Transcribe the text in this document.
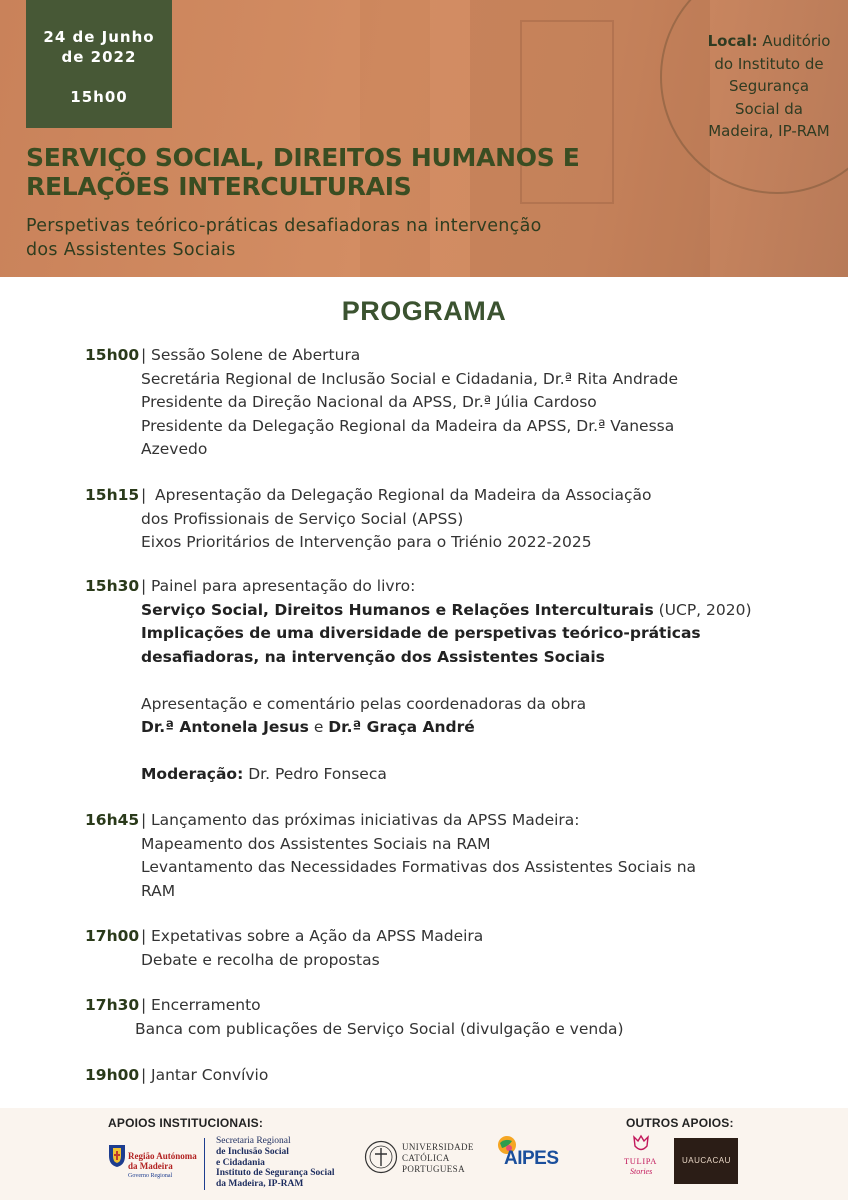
24 de Junho
de 2022
15h00
Local: Auditório
do Instituto de
Segurança
Social da
Madeira, IP-RAM
SERVIÇO SOCIAL, DIREITOS HUMANOS E
RELAÇÕES INTERCULTURAIS
Perspetivas teórico-práticas desafiadoras na intervenção
dos Assistentes Sociais
PROGRAMA
15h00 | Sessão Solene de Abertura
Secretária Regional de Inclusão Social e Cidadania, Dr.ª Rita Andrade
Presidente da Direção Nacional da APSS, Dr.ª Júlia Cardoso
Presidente da Delegação Regional da Madeira da APSS, Dr.ª Vanessa
Azevedo
15h15 | Apresentação da Delegação Regional da Madeira da Associação
dos Profissionais de Serviço Social (APSS)
Eixos Prioritários de Intervenção para o Triénio 2022-2025
15h30 | Painel para apresentação do livro:
Serviço Social, Direitos Humanos e Relações Interculturais (UCP, 2020)
Implicações de uma diversidade de perspetivas teórico-práticas
desafiadoras, na intervenção dos Assistentes Sociais
Apresentação e comentário pelas coordenadoras da obra
Dr.ª Antonela Jesus e Dr.ª Graça André
Moderação: Dr. Pedro Fonseca
16h45 | Lançamento das próximas iniciativas da APSS Madeira:
Mapeamento dos Assistentes Sociais na RAM
Levantamento das Necessidades Formativas dos Assistentes Sociais na
RAM
17h00 | Expetativas sobre a Ação da APSS Madeira
Debate e recolha de propostas
17h30 | Encerramento
Banca com publicações de Serviço Social (divulgação e venda)
19h00 | Jantar Convívio
APOIOS INSTITUCIONAIS:	OUTROS APOIOS:
Região Autónoma
da Madeira
Governo Regional
Secretaria Regional
de Inclusão Social
e Cidadania
Instituto de Segurança Social
da Madeira, IP-RAM
UNIVERSIDADE
CATÓLICA
PORTUGUESA	AIPES	TULIPA
Stories
UAUCACAU
